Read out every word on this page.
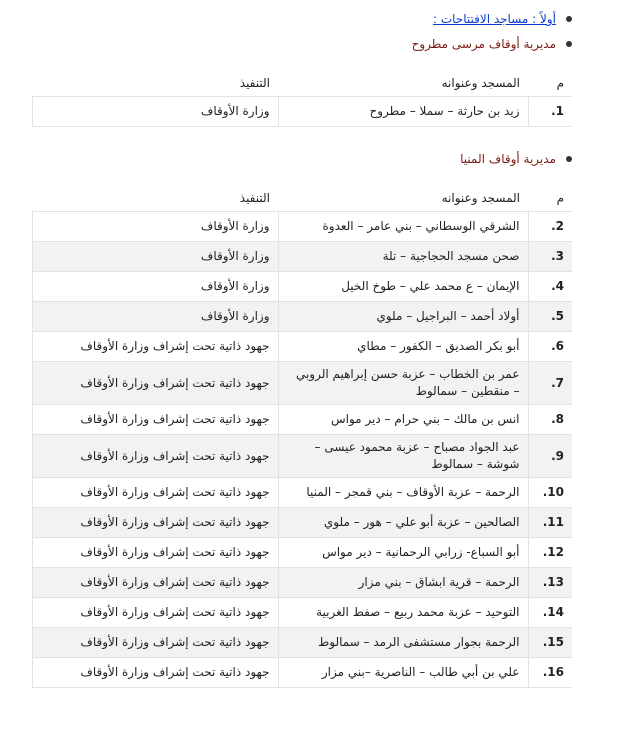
أولاً : مساجد الافتتاحات :
مديرية أوقاف مرسى مطروح
م	المسجد وعنوانه	التنفيذ
1.	زيد بن حارثة – سملا – مطروح	وزارة الأوقاف
مديرية أوقاف المنيا
م	المسجد وعنوانه	التنفيذ
2.	الشرقي الوسطاني – بني عامر – العدوة	وزارة الأوقاف
3.	صحن مسجد الحجاجية – تلة	وزارة الأوقاف
4.	الإيمان – ع محمد علي – طوخ الخيل	وزارة الأوقاف
5.	أولاد أحمد – البراجيل – ملوي	وزارة الأوقاف
6.	أبو بكر الصديق – الكفور – مطاي	جهود ذاتية تحت إشراف وزارة الأوقاف
7.	عمر بن الخطاب – عزبة حسن إبراهيم الروبي – منقطين – سمالوط	جهود ذاتية تحت إشراف وزارة الأوقاف
8.	انس بن مالك – بني حرام – دير مواس	جهود ذاتية تحت إشراف وزارة الأوقاف
9.	عبد الجواد مصباح – عزبة محمود عيسى – شوشة – سمالوط	جهود ذاتية تحت إشراف وزارة الأوقاف
10.	الرحمة – عزبة الأوقاف – بني قمجر – المنيا	جهود ذاتية تحت إشراف وزارة الأوقاف
11.	الصالحين – عزبة أبو علي – هور – ملوي	جهود ذاتية تحت إشراف وزارة الأوقاف
12.	أبو السباع- زرابي الرحمانية – دير مواس	جهود ذاتية تحت إشراف وزارة الأوقاف
13.	الرحمة – قرية ابشاق – بني مزار	جهود ذاتية تحت إشراف وزارة الأوقاف
14.	التوحيد – عزبة محمد ربيع – صفط الغربية	جهود ذاتية تحت إشراف وزارة الأوقاف
15.	الرحمة بجوار مستشفى الرمد – سمالوط	جهود ذاتية تحت إشراف وزارة الأوقاف
16.	علي بن أبي طالب – الناصرية –بني مزار	جهود ذاتية تحت إشراف وزارة الأوقاف
